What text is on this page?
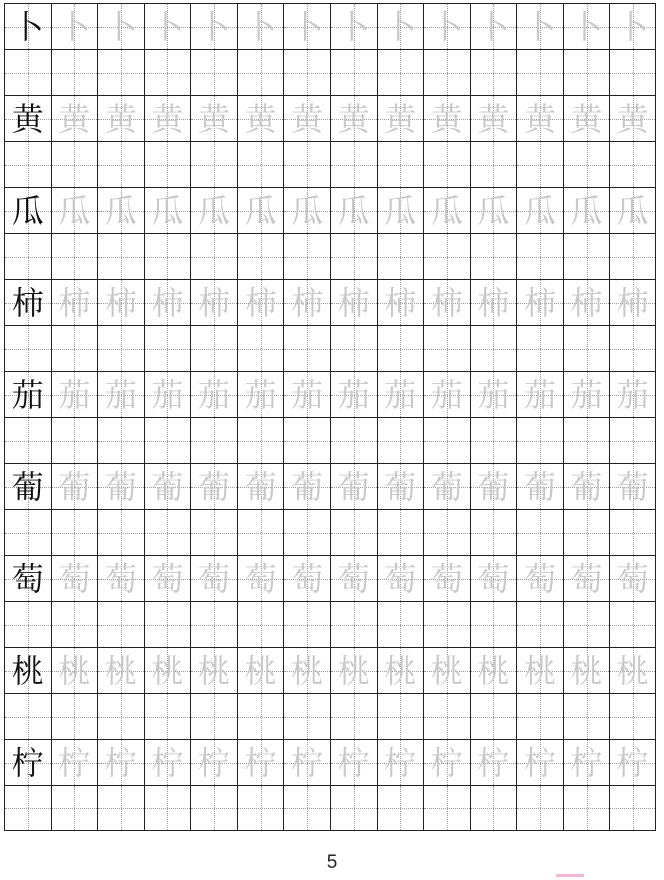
卜 卜 卜 卜 卜 卜 卜 卜 卜 卜 卜 卜 卜 卜
黄 黄 黄 黄 黄 黄 黄 黄 黄 黄 黄 黄 黄 黄
瓜 瓜 瓜 瓜 瓜 瓜 瓜 瓜 瓜 瓜 瓜 瓜 瓜 瓜
柿 柿 柿 柿 柿 柿 柿 柿 柿 柿 柿 柿 柿 柿
茄 茄 茄 茄 茄 茄 茄 茄 茄 茄 茄 茄 茄 茄
葡 葡 葡 葡 葡 葡 葡 葡 葡 葡 葡 葡 葡 葡
萄 萄 萄 萄 萄 萄 萄 萄 萄 萄 萄 萄 萄 萄
桃 桃 桃 桃 桃 桃 桃 桃 桃 桃 桃 桃 桃 桃
柠 柠 柠 柠 柠 柠 柠 柠 柠 柠 柠 柠 柠 柠
5
